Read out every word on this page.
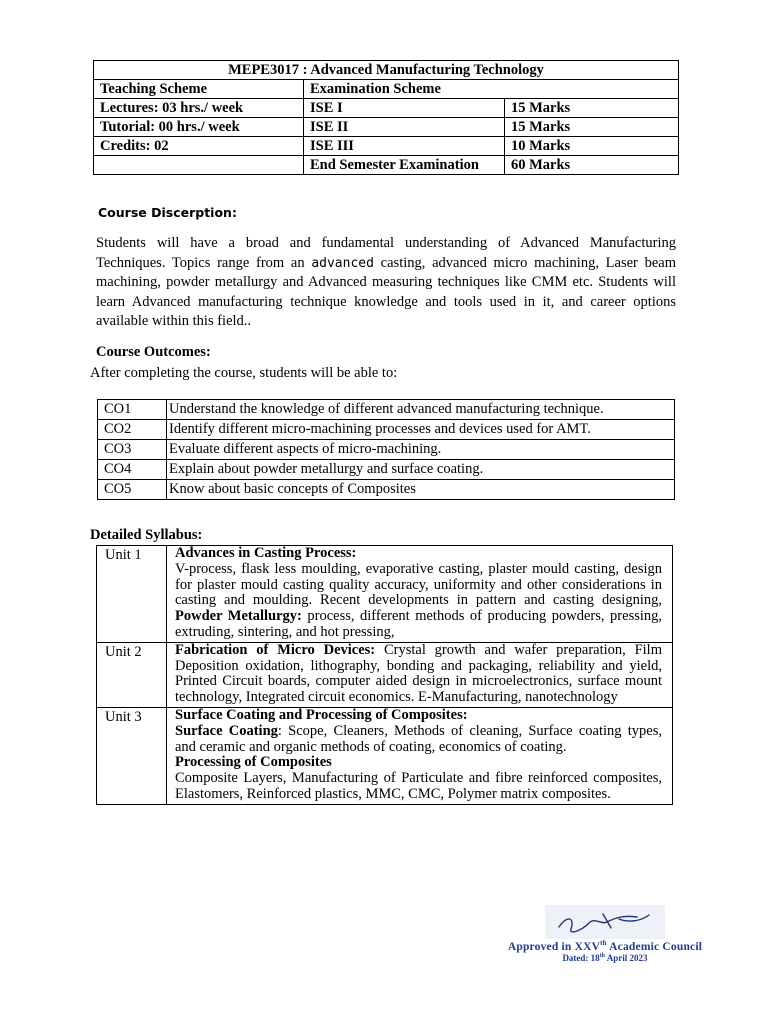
MEPE3017 : Advanced Manufacturing Technology		
Teaching Scheme	Examination Scheme	
Lectures: 03 hrs./ week	ISE I	15 Marks
Tutorial: 00 hrs./ week	ISE II	15 Marks
Credits: 02	ISE III	10 Marks
	End Semester Examination	60 Marks
Course Discerption:

Students will have a broad and fundamental understanding of Advanced Manufacturing Techniques. Topics range from an advanced casting, advanced micro machining, Laser beam machining, powder metallurgy and Advanced measuring techniques like CMM etc. Students will learn Advanced manufacturing technique knowledge and tools used in it, and career options available within this field..

Course Outcomes:
After completing the course, students will be able to:
CO1	Understand the knowledge of different advanced manufacturing technique.
CO2	Identify different micro-machining processes and devices used for AMT.
CO3	Evaluate different aspects of micro-machining.
CO4	Explain about powder metallurgy and surface coating.
CO5	Know about basic concepts of Composites
Detailed Syllabus:
Unit 1	Advances in Casting Process:
V-process, flask less moulding, evaporative casting, plaster mould casting, design for plaster mould casting quality accuracy, uniformity and other considerations in casting and moulding. Recent developments in pattern and casting designing, Powder Metallurgy: process, different methods of producing powders, pressing, extruding, sintering, and hot pressing,
Unit 2	Fabrication of Micro Devices: Crystal growth and wafer preparation, Film Deposition oxidation, lithography, bonding and packaging, reliability and yield, Printed Circuit boards, computer aided design in microelectronics, surface mount technology, Integrated circuit economics. E-Manufacturing, nanotechnology
Unit 3	Surface Coating and Processing of Composites:
Surface Coating: Scope, Cleaners, Methods of cleaning, Surface coating types, and ceramic and organic methods of coating, economics of coating.
Processing of Composites
Composite Layers, Manufacturing of Particulate and fibre reinforced composites, Elastomers, Reinforced plastics, MMC, CMC, Polymer matrix composites.
Approved in XXVth Academic Council
Dated: 18th April 2023
